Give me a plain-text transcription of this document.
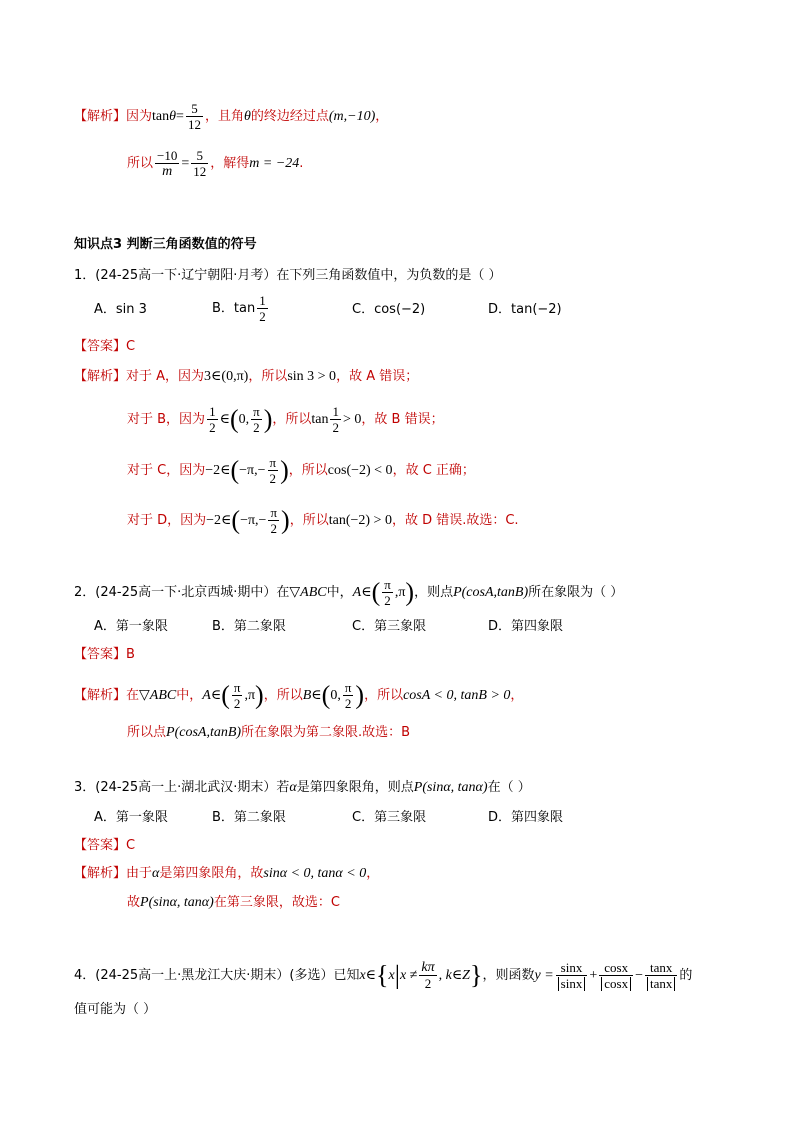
【解析】因为$\tan\theta= \frac{5}{12}$ ，且角θ的终边经过点(m,−10)，
所以 $\frac{-10}{m} = \frac{5}{12}$ ，解得m = −24.
知识点3 判断三角函数值的符号
1．(24-25高一下·辽宁朝阳·月考）在下列三角函数值中，为负数的是（ ）
A．sin 3	B．$\tan \frac{1}{2}$	C．cos(−2)	D．tan(−2)
【答案】C
【解析】对于 A，因为3∈(0,π)，所以sin 3 > 0，故 A 错误；
对于 B，因为 $\frac{1}{2}$ ∈(0, $\frac{\pi}{2}$ )，所以$\tan \frac{1}{2} > 0$，故 B 错误；
对于 C，因为−2∈(−π,− $\frac{\pi}{2}$ )，所以cos(−2) < 0，故 C 正确；
对于 D，因为−2∈(−π,− $\frac{\pi}{2}$ )，所以tan(−2) > 0，故 D 错误.故选：C.
2．(24-25高一下·北京西城·期中）在▽ABC中，A∈( $\frac{\pi}{2} ,\pi$)，则点P(cosA,tanB)所在象限为（ ）
A．第一象限	B．第二象限	C．第三象限	D．第四象限
【答案】B
【解析】在▽ABC中，A∈( $\frac{\pi}{2} ,\pi$)，所以B∈(0, $\frac{\pi}{2}$ )，所以cosA < 0, tanB > 0，
所以点P(cosA,tanB)所在象限为第二象限.故选：B
3．(24-25高一上·湖北武汉·期末）若α是第四象限角，则点P(sinα, tanα)在（ ）
A．第一象限	B．第二象限	C．第三象限	D．第四象限
【答案】C
【解析】由于α是第四象限角，故sinα < 0, tanα < 0，
故P(sinα, tanα)在第三象限，故选：C
4．(24-25高一上·黑龙江大庆·期末）(多选）已知x∈{x|x ≠ $\frac{k\pi}{2}$ , k∈Z}，则函数$y = \frac{\sin x}{\sin x} + \frac{\cos x}{\cos x} - \frac{\tan x}{\tan x}$ 的
值可能为（ ）
